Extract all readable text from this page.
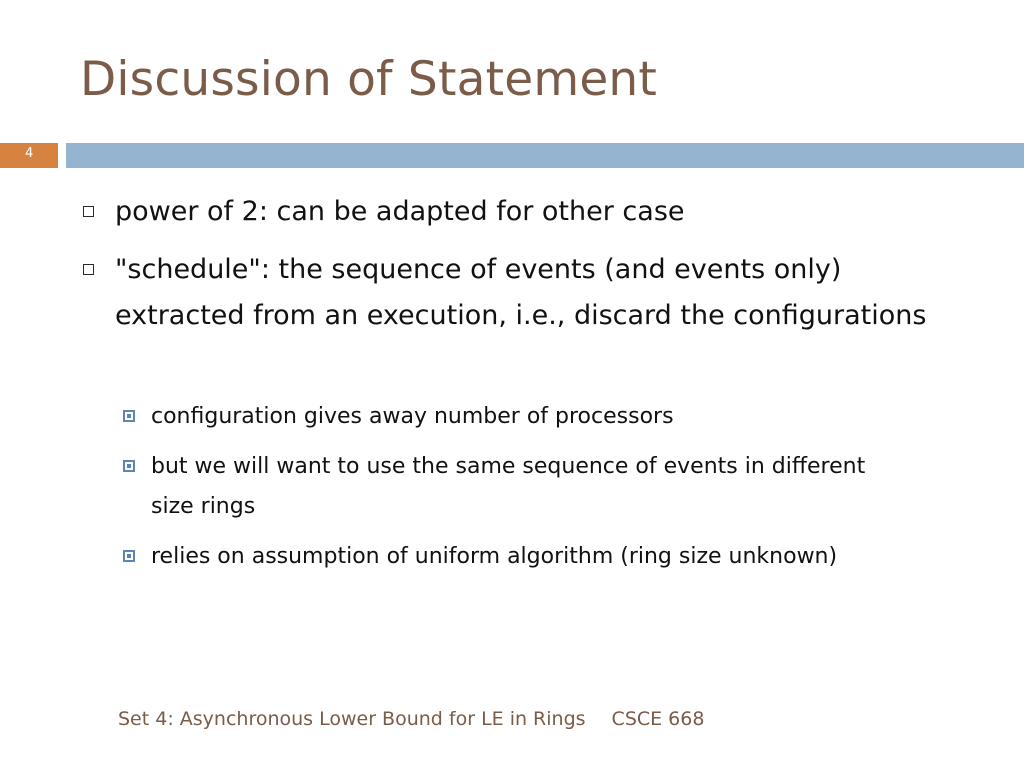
Discussion of Statement
4
power of 2: can be adapted for other case
"schedule": the sequence of events (and events only) extracted from an execution, i.e., discard the configurations
configuration gives away number of processors
but we will want to use the same sequence of events in different size rings
relies on assumption of uniform algorithm (ring size unknown)
Set 4: Asynchronous Lower Bound for LE in Rings CSCE 668
